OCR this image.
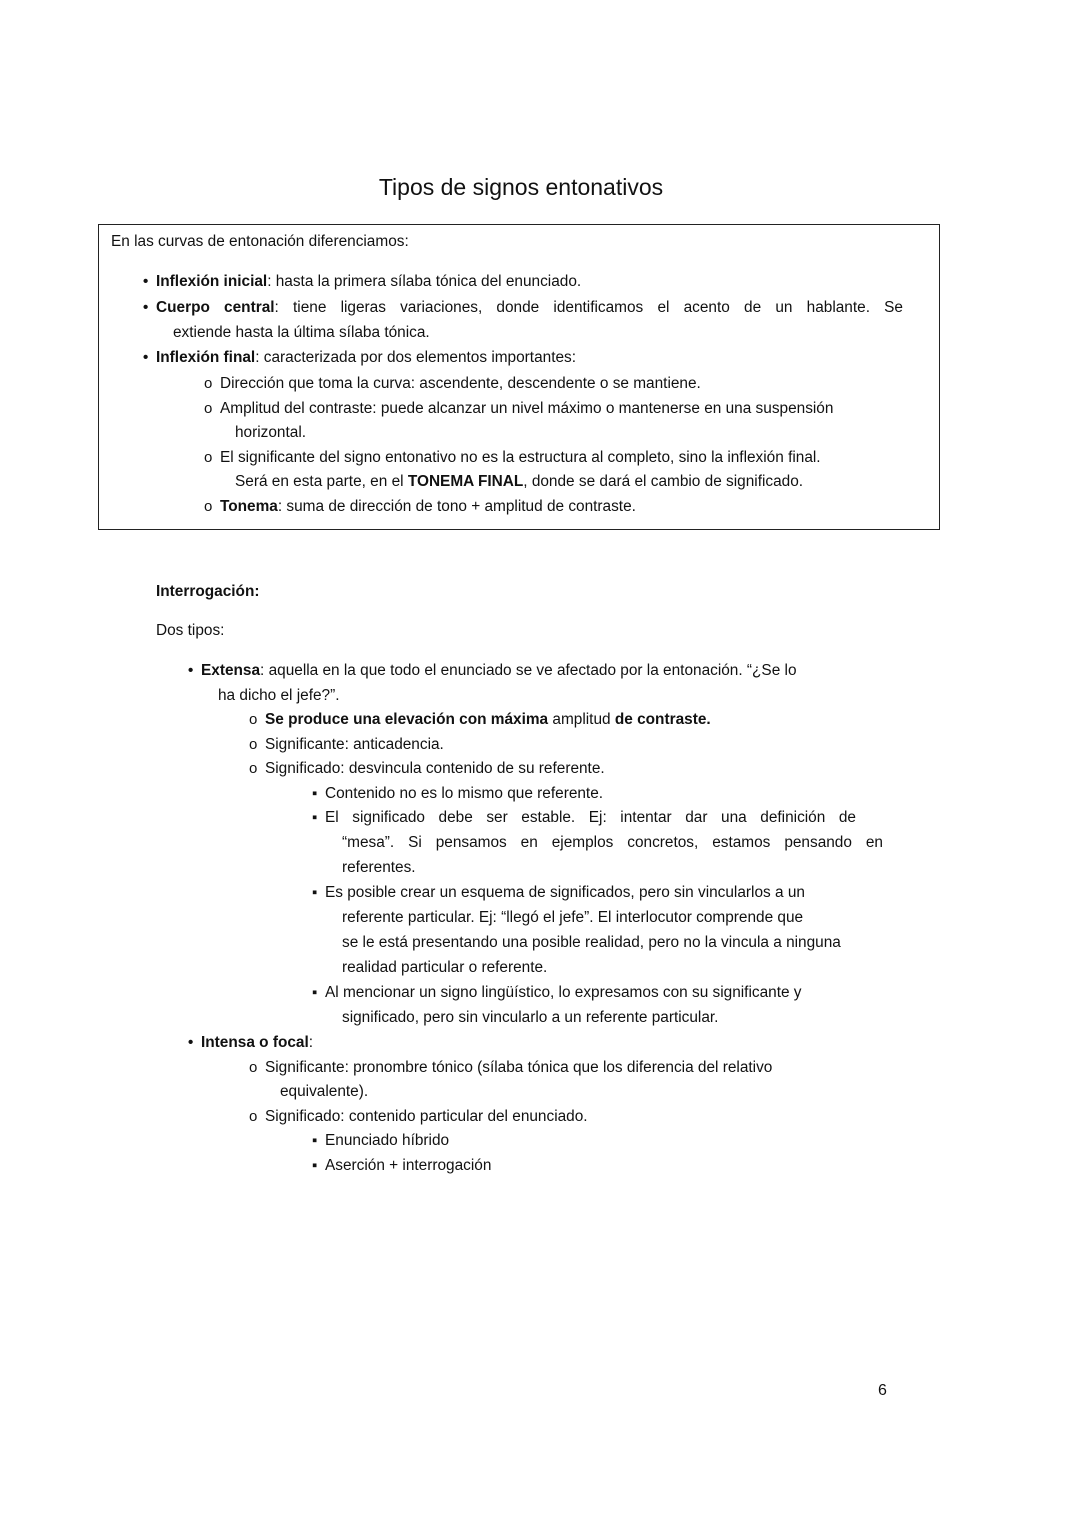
Tipos de signos entonativos
En las curvas de entonación diferenciamos:
• Inflexión inicial: hasta la primera sílaba tónica del enunciado.
• Cuerpo central: tiene ligeras variaciones, donde identificamos el acento de un hablante. Se
extiende hasta la última sílaba tónica.
• Inflexión final: caracterizada por dos elementos importantes:
o Dirección que toma la curva: ascendente, descendente o se mantiene.
o Amplitud del contraste: puede alcanzar un nivel máximo o mantenerse en una suspensión
horizontal.
o El significante del signo entonativo no es la estructura al completo, sino la inflexión final.
Será en esta parte, en el TONEMA FINAL, donde se dará el cambio de significado.
o Tonema: suma de dirección de tono + amplitud de contraste.
Interrogación:
Dos tipos:
• Extensa: aquella en la que todo el enunciado se ve afectado por la entonación. “¿Se lo
ha dicho el jefe?”.
o Se produce una elevación con máxima amplitud de contraste.
o Significante: anticadencia.
o Significado: desvincula contenido de su referente.
▪ Contenido no es lo mismo que referente.
▪ El significado debe ser estable. Ej: intentar dar una definición de
“mesa”. Si pensamos en ejemplos concretos, estamos pensando en
referentes.
▪ Es posible crear un esquema de significados, pero sin vincularlos a un
referente particular. Ej: “llegó el jefe”. El interlocutor comprende que
se le está presentando una posible realidad, pero no la vincula a ninguna
realidad particular o referente.
▪ Al mencionar un signo lingüístico, lo expresamos con su significante y
significado, pero sin vincularlo a un referente particular.
• Intensa o focal:
o Significante: pronombre tónico (sílaba tónica que los diferencia del relativo
equivalente).
o Significado: contenido particular del enunciado.
▪ Enunciado híbrido
▪ Aserción + interrogación
6
